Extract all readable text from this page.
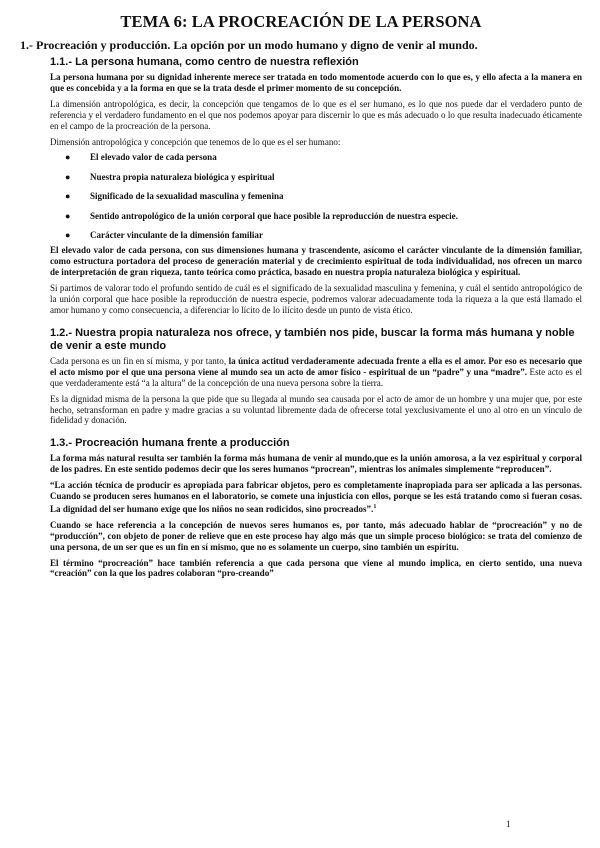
TEMA 6: LA PROCREACIÓN DE LA PERSONA
1.- Procreación y producción. La opción por un modo humano y digno de venir al mundo.
1.1.- La persona humana, como centro de nuestra reflexión

La persona humana por su dignidad inherente merece ser tratada en todo momentode acuerdo con lo que es, y ello afecta a la manera en que es concebida y a la forma en que se la trata desde el primer momento de su concepción.

La dimensión antropológica, es decir, la concepción que tengamos de lo que es el ser humano, es lo que nos puede dar el verdadero punto de referencia y el verdadero fundamento en el que nos podemos apoyar para discernir lo que es más adecuado o lo que resulta inadecuado éticamente en el campo de la procreación de la persona.

Dimensión antropológica y concepción que tenemos de lo que es el ser humano:

● El elevado valor de cada persona
● Nuestra propia naturaleza biológica y espiritual
● Significado de la sexualidad masculina y femenina
● Sentido antropológico de la unión corporal que hace posible la reproducción de nuestra especie.
● Carácter vinculante de la dimensión familiar

El elevado valor de cada persona, con sus dimensiones humana y trascendente, asícomo el carácter vinculante de la dimensión familiar, como estructura portadora del proceso de generación material y de crecimiento espiritual de toda individualidad, nos ofrecen un marco de interpretación de gran riqueza, tanto teórica como práctica, basado en nuestra propia naturaleza biológica y espiritual.

Si partimos de valorar todo el profundo sentido de cuál es el significado de la sexualidad masculina y femenina, y cuál el sentido antropológico de la unión corporal que hace posible la reproducción de nuestra especie, podremos valorar adecuadamente toda la riqueza a la que está llamado el amor humano y como consecuencia, a diferenciar lo lícito de lo ilícito desde un punto de vista ético.

1.2.- Nuestra propia naturaleza nos ofrece, y también nos pide, buscar la forma más humana y noble de venir a este mundo

Cada persona es un fin en sí misma, y por tanto, la única actitud verdaderamente adecuada frente a ella es el amor. Por eso es necesario que el acto mismo por el que una persona viene al mundo sea un acto de amor físico - espiritual de un “padre” y una “madre”. Este acto es el que verdaderamente está “a la altura” de la concepción de una nueva persona sobre la tierra.

Es la dignidad misma de la persona la que pide que su llegada al mundo sea causada por el acto de amor de un hombre y una mujer que, por este hecho, setransforman en padre y madre gracias a su voluntad libremente dada de ofrecerse total yexclusivamente el uno al otro en un vínculo de fidelidad y donación.

1.3.- Procreación humana frente a producción

La forma más natural resulta ser también la forma más humana de venir al mundo,que es la unión amorosa, a la vez espiritual y corporal de los padres. En este sentido podemos decir que los seres humanos “procrean”, mientras los animales simplemente “reproducen”.

“La acción técnica de producir es apropiada para fabricar objetos, pero es completamente inapropiada para ser aplicada a las personas. Cuando se producen seres humanos en el laboratorio, se comete una injusticia con ellos, porque se les está tratando como si fueran cosas. La dignidad del ser humano exige que los niños no sean rodicidos, sino procreados”.$^1$

Cuando se hace referencia a la concepción de nuevos seres humanos es, por tanto, más adecuado hablar de “procreación” y no de “producción”, con objeto de poner de relieve que en este proceso hay algo más que un simple proceso biológico: se trata del comienzo de una persona, de un ser que es un fin en sí mismo, que no es solamente un cuerpo, sino también un espíritu.

El término “procreación” hace también referencia a que cada persona que viene al mundo implica, en cierto sentido, una nueva “creación” con la que los padres colaboran “pro-creando”

1
